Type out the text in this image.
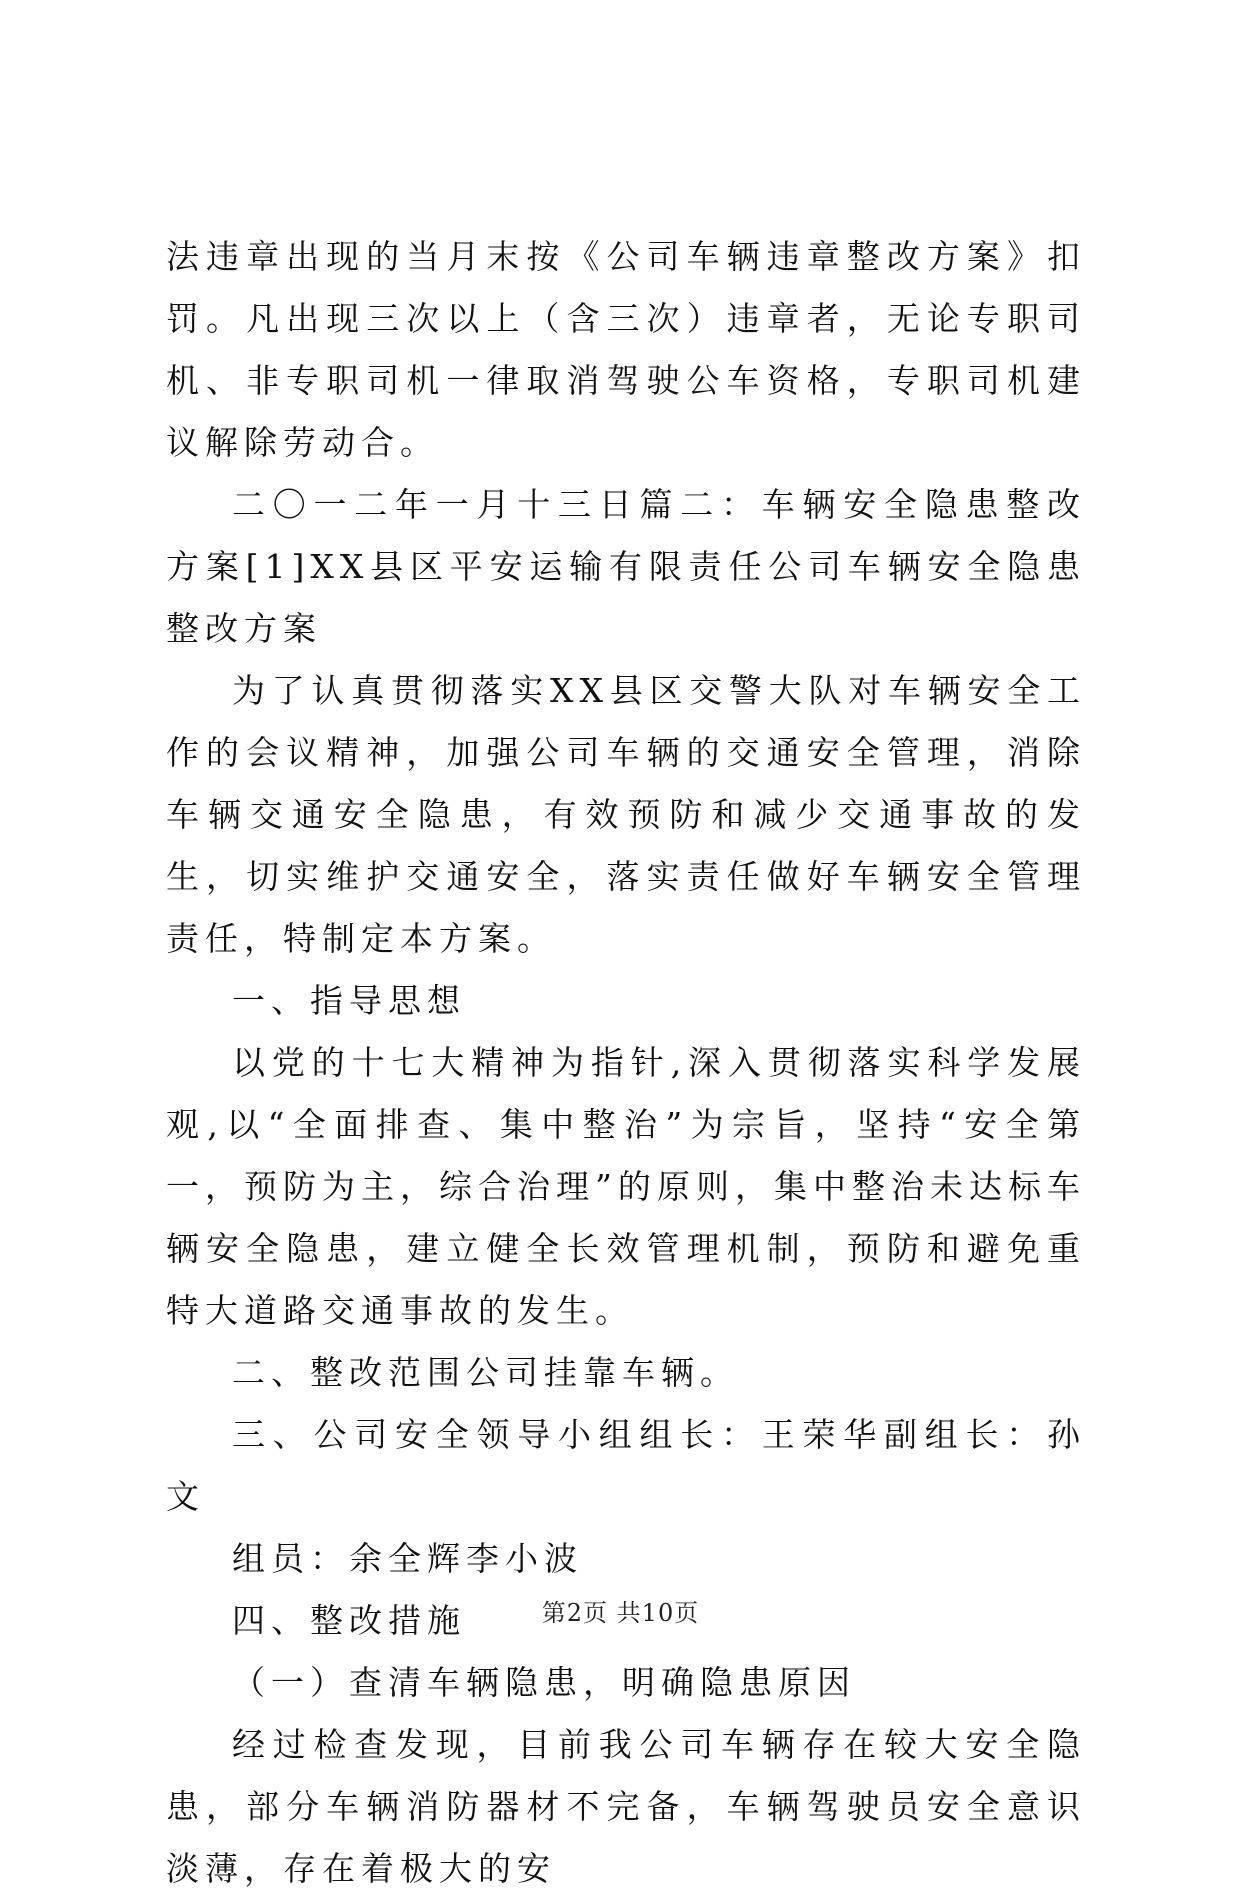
法违章出现的当月末按《公司车辆违章整改方案》扣罚。凡出现三次以上（含三次）违章者，无论专职司机、非专职司机一律取消驾驶公车资格，专职司机建议解除劳动合。

二〇一二年一月十三日篇二：车辆安全隐患整改方案[1]XX县区平安运输有限责任公司车辆安全隐患整改方案

为了认真贯彻落实XX县区交警大队对车辆安全工作的会议精神，加强公司车辆的交通安全管理，消除车辆交通安全隐患，有效预防和减少交通事故的发生，切实维护交通安全，落实责任做好车辆安全管理责任，特制定本方案。

一、指导思想

以党的十七大精神为指针,深入贯彻落实科学发展观,以“全面排查、集中整治”为宗旨，坚持“安全第一，预防为主，综合治理”的原则，集中整治未达标车辆安全隐患，建立健全长效管理机制，预防和避免重特大道路交通事故的发生。

二、整改范围公司挂靠车辆。

三、公司安全领导小组组长：王荣华副组长：孙文

组员：余全辉李小波

四、整改措施

（一）查清车辆隐患，明确隐患原因

经过检查发现，目前我公司车辆存在较大安全隐患，部分车辆消防器材不完备，车辆驾驶员安全意识淡薄，存在着极大的安

第2页 共10页
